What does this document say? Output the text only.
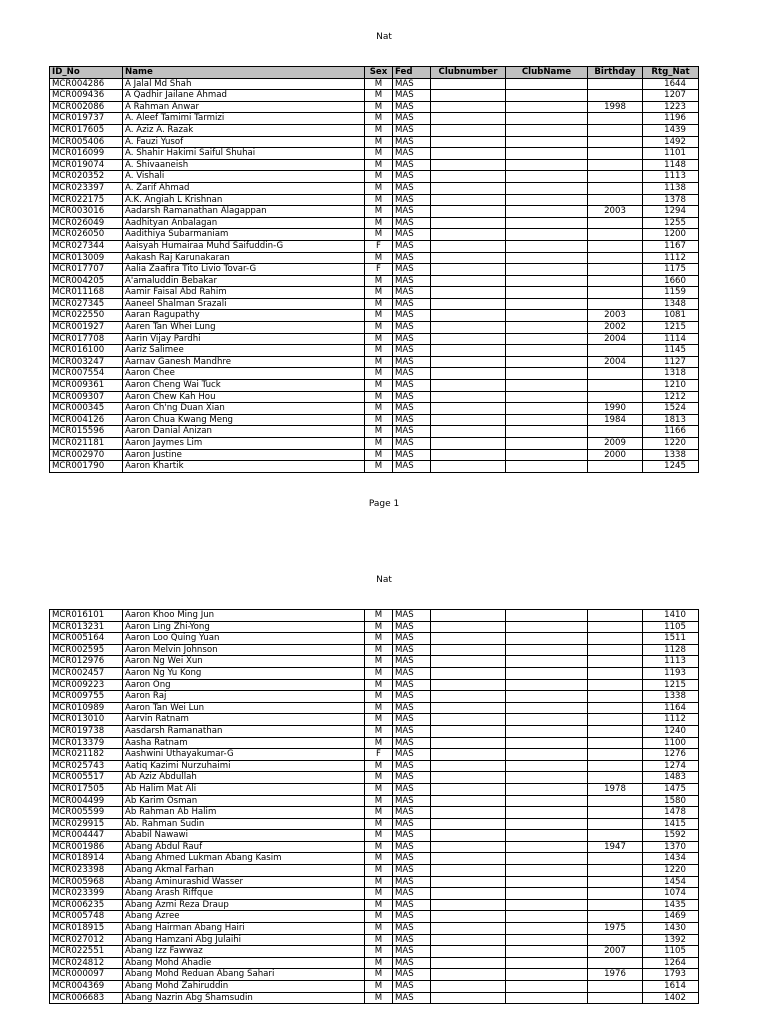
Nat
ID_No	Name	Sex	Fed	Clubnumber	ClubName	Birthday	Rtg_Nat
MCR004286	A Jalal Md Shah	M	MAS				1644
MCR009436	A Qadhir Jailane Ahmad	M	MAS				1207
MCR002086	A Rahman Anwar	M	MAS			1998	1223
MCR019737	A. Aleef Tamimi Tarmizi	M	MAS				1196
MCR017605	A. Aziz A. Razak	M	MAS				1439
MCR005406	A. Fauzi Yusof	M	MAS				1492
MCR016099	A. Shahir Hakimi Saiful Shuhai	M	MAS				1101
MCR019074	A. Shivaaneish	M	MAS				1148
MCR020352	A. Vishali	M	MAS				1113
MCR023397	A. Zarif Ahmad	M	MAS				1138
MCR022175	A.K. Angiah L Krishnan	M	MAS				1378
MCR003016	Aadarsh Ramanathan Alagappan	M	MAS			2003	1294
MCR026049	Aadhityan Anbalagan	M	MAS				1255
MCR026050	Aadithiya Subarmaniam	M	MAS				1200
MCR027344	Aaisyah Humairaa Muhd Saifuddin-G	F	MAS				1167
MCR013009	Aakash Raj Karunakaran	M	MAS				1112
MCR017707	Aalia Zaafira Tito Livio Tovar-G	F	MAS				1175
MCR004205	A'amaluddin Bebakar	M	MAS				1660
MCR011168	Aamir Faisal Abd Rahim	M	MAS				1159
MCR027345	Aaneel Shalman Srazali	M	MAS				1348
MCR022550	Aaran Ragupathy	M	MAS			2003	1081
MCR001927	Aaren Tan Whei Lung	M	MAS			2002	1215
MCR017708	Aarin Vijay Pardhi	M	MAS			2004	1114
MCR016100	Aariz Salimee	M	MAS				1145
MCR003247	Aarnav Ganesh Mandhre	M	MAS			2004	1127
MCR007554	Aaron Chee	M	MAS				1318
MCR009361	Aaron Cheng Wai Tuck	M	MAS				1210
MCR009307	Aaron Chew Kah Hou	M	MAS				1212
MCR000345	Aaron Ch'ng Duan Xian	M	MAS			1990	1524
MCR004126	Aaron Chua Kwang Meng	M	MAS			1984	1813
MCR015596	Aaron Danial Anizan	M	MAS				1166
MCR021181	Aaron Jaymes Lim	M	MAS			2009	1220
MCR002970	Aaron Justine	M	MAS			2000	1338
MCR001790	Aaron Khartik	M	MAS				1245
Page 1
Nat
MCR016101	Aaron Khoo Ming Jun	M	MAS				1410
MCR013231	Aaron Ling Zhi-Yong	M	MAS				1105
MCR005164	Aaron Loo Quing Yuan	M	MAS				1511
MCR002595	Aaron Melvin Johnson	M	MAS				1128
MCR012976	Aaron Ng Wei Xun	M	MAS				1113
MCR002457	Aaron Ng Yu Kong	M	MAS				1193
MCR009223	Aaron Ong	M	MAS				1215
MCR009755	Aaron Raj	M	MAS				1338
MCR010989	Aaron Tan Wei Lun	M	MAS				1164
MCR013010	Aarvin Ratnam	M	MAS				1112
MCR019738	Aasdarsh Ramanathan	M	MAS				1240
MCR013379	Aasha Ratnam	M	MAS				1100
MCR021182	Aashwini Uthayakumar-G	F	MAS				1276
MCR025743	Aatiq Kazimi Nurzuhaimi	M	MAS				1274
MCR005517	Ab Aziz Abdullah	M	MAS				1483
MCR017505	Ab Halim Mat Ali	M	MAS			1978	1475
MCR004499	Ab Karim Osman	M	MAS				1580
MCR005599	Ab Rahman Ab Halim	M	MAS				1478
MCR029915	Ab. Rahman Sudin	M	MAS				1415
MCR004447	Ababil Nawawi	M	MAS				1592
MCR001986	Abang Abdul Rauf	M	MAS			1947	1370
MCR018914	Abang Ahmed Lukman Abang Kasim	M	MAS				1434
MCR023398	Abang Akmal Farhan	M	MAS				1220
MCR005968	Abang Aminurashid Wasser	M	MAS				1454
MCR023399	Abang Arash Riffque	M	MAS				1074
MCR006235	Abang Azmi Reza Draup	M	MAS				1435
MCR005748	Abang Azree	M	MAS				1469
MCR018915	Abang Hairman Abang Hairi	M	MAS			1975	1430
MCR027012	Abang Hamzani Abg Julaihi	M	MAS				1392
MCR022551	Abang Izz Fawwaz	M	MAS			2007	1105
MCR024812	Abang Mohd Ahadie	M	MAS				1264
MCR000097	Abang Mohd Reduan Abang Sahari	M	MAS			1976	1793
MCR004369	Abang Mohd Zahiruddin	M	MAS				1614
MCR006683	Abang Nazrin Abg Shamsudin	M	MAS				1402
